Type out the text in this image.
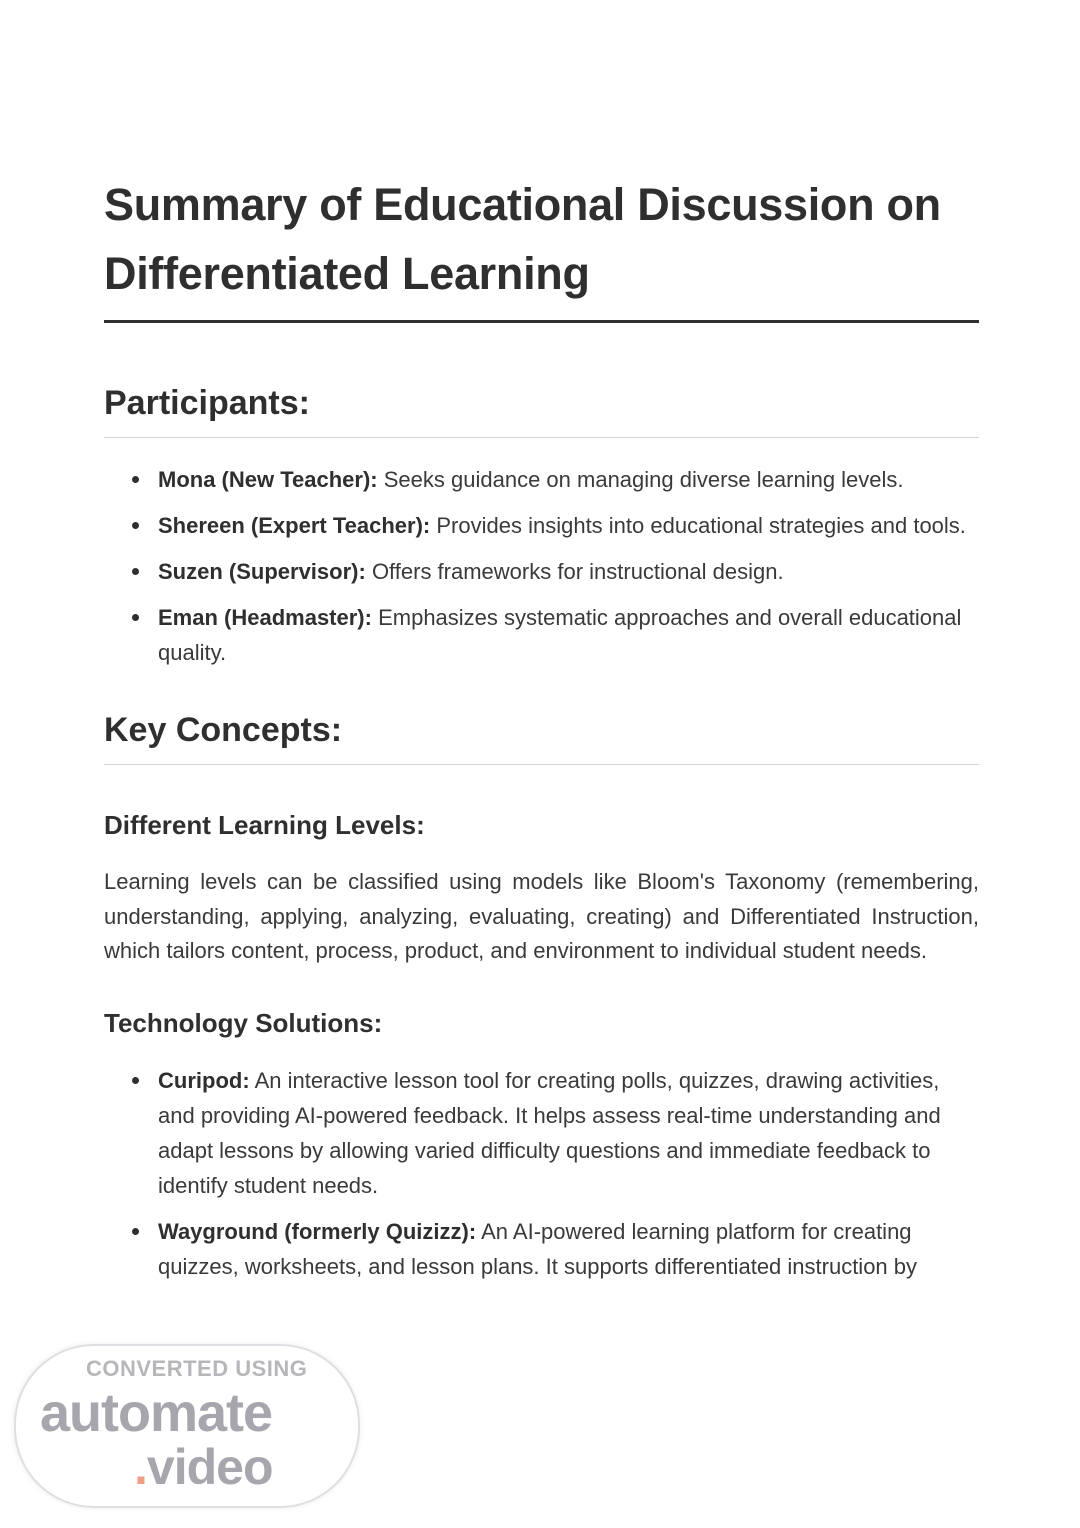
Summary of Educational Discussion on Differentiated Learning
Participants:
Mona (New Teacher): Seeks guidance on managing diverse learning levels.
Shereen (Expert Teacher): Provides insights into educational strategies and tools.
Suzen (Supervisor): Offers frameworks for instructional design.
Eman (Headmaster): Emphasizes systematic approaches and overall educational quality.
Key Concepts:
Different Learning Levels:

Learning levels can be classified using models like Bloom's Taxonomy (remembering, understanding, applying, analyzing, evaluating, creating) and Differentiated Instruction, which tailors content, process, product, and environment to individual student needs.

Technology Solutions:
Curipod: An interactive lesson tool for creating polls, quizzes, drawing activities, and providing AI-powered feedback. It helps assess real-time understanding and adapt lessons by allowing varied difficulty questions and immediate feedback to identify student needs.
Wayground (formerly Quizizz): An AI-powered learning platform for creating quizzes, worksheets, and lesson plans. It supports differentiated instruction by
CONVERTED USING
automate
.video
